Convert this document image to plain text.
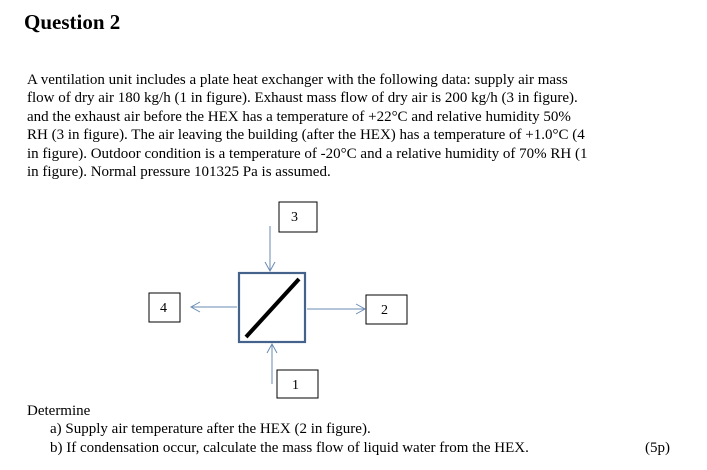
Question 2
A ventilation unit includes a plate heat exchanger with the following data: supply air mass
flow of dry air 180 kg/h (1 in figure). Exhaust mass flow of dry air is 200 kg/h (3 in figure).
and the exhaust air before the HEX has a temperature of +22°C and relative humidity 50%
RH (3 in figure). The air leaving the building (after the HEX) has a temperature of +1.0°C (4
in figure). Outdoor condition is a temperature of -20°C and a relative humidity of 70% RH (1
in figure). Normal pressure 101325 Pa is assumed.
3
4	2
1
Determine
a) Supply air temperature after the HEX (2 in figure).
b) If condensation occur, calculate the mass flow of liquid water from the HEX.	(5p)
